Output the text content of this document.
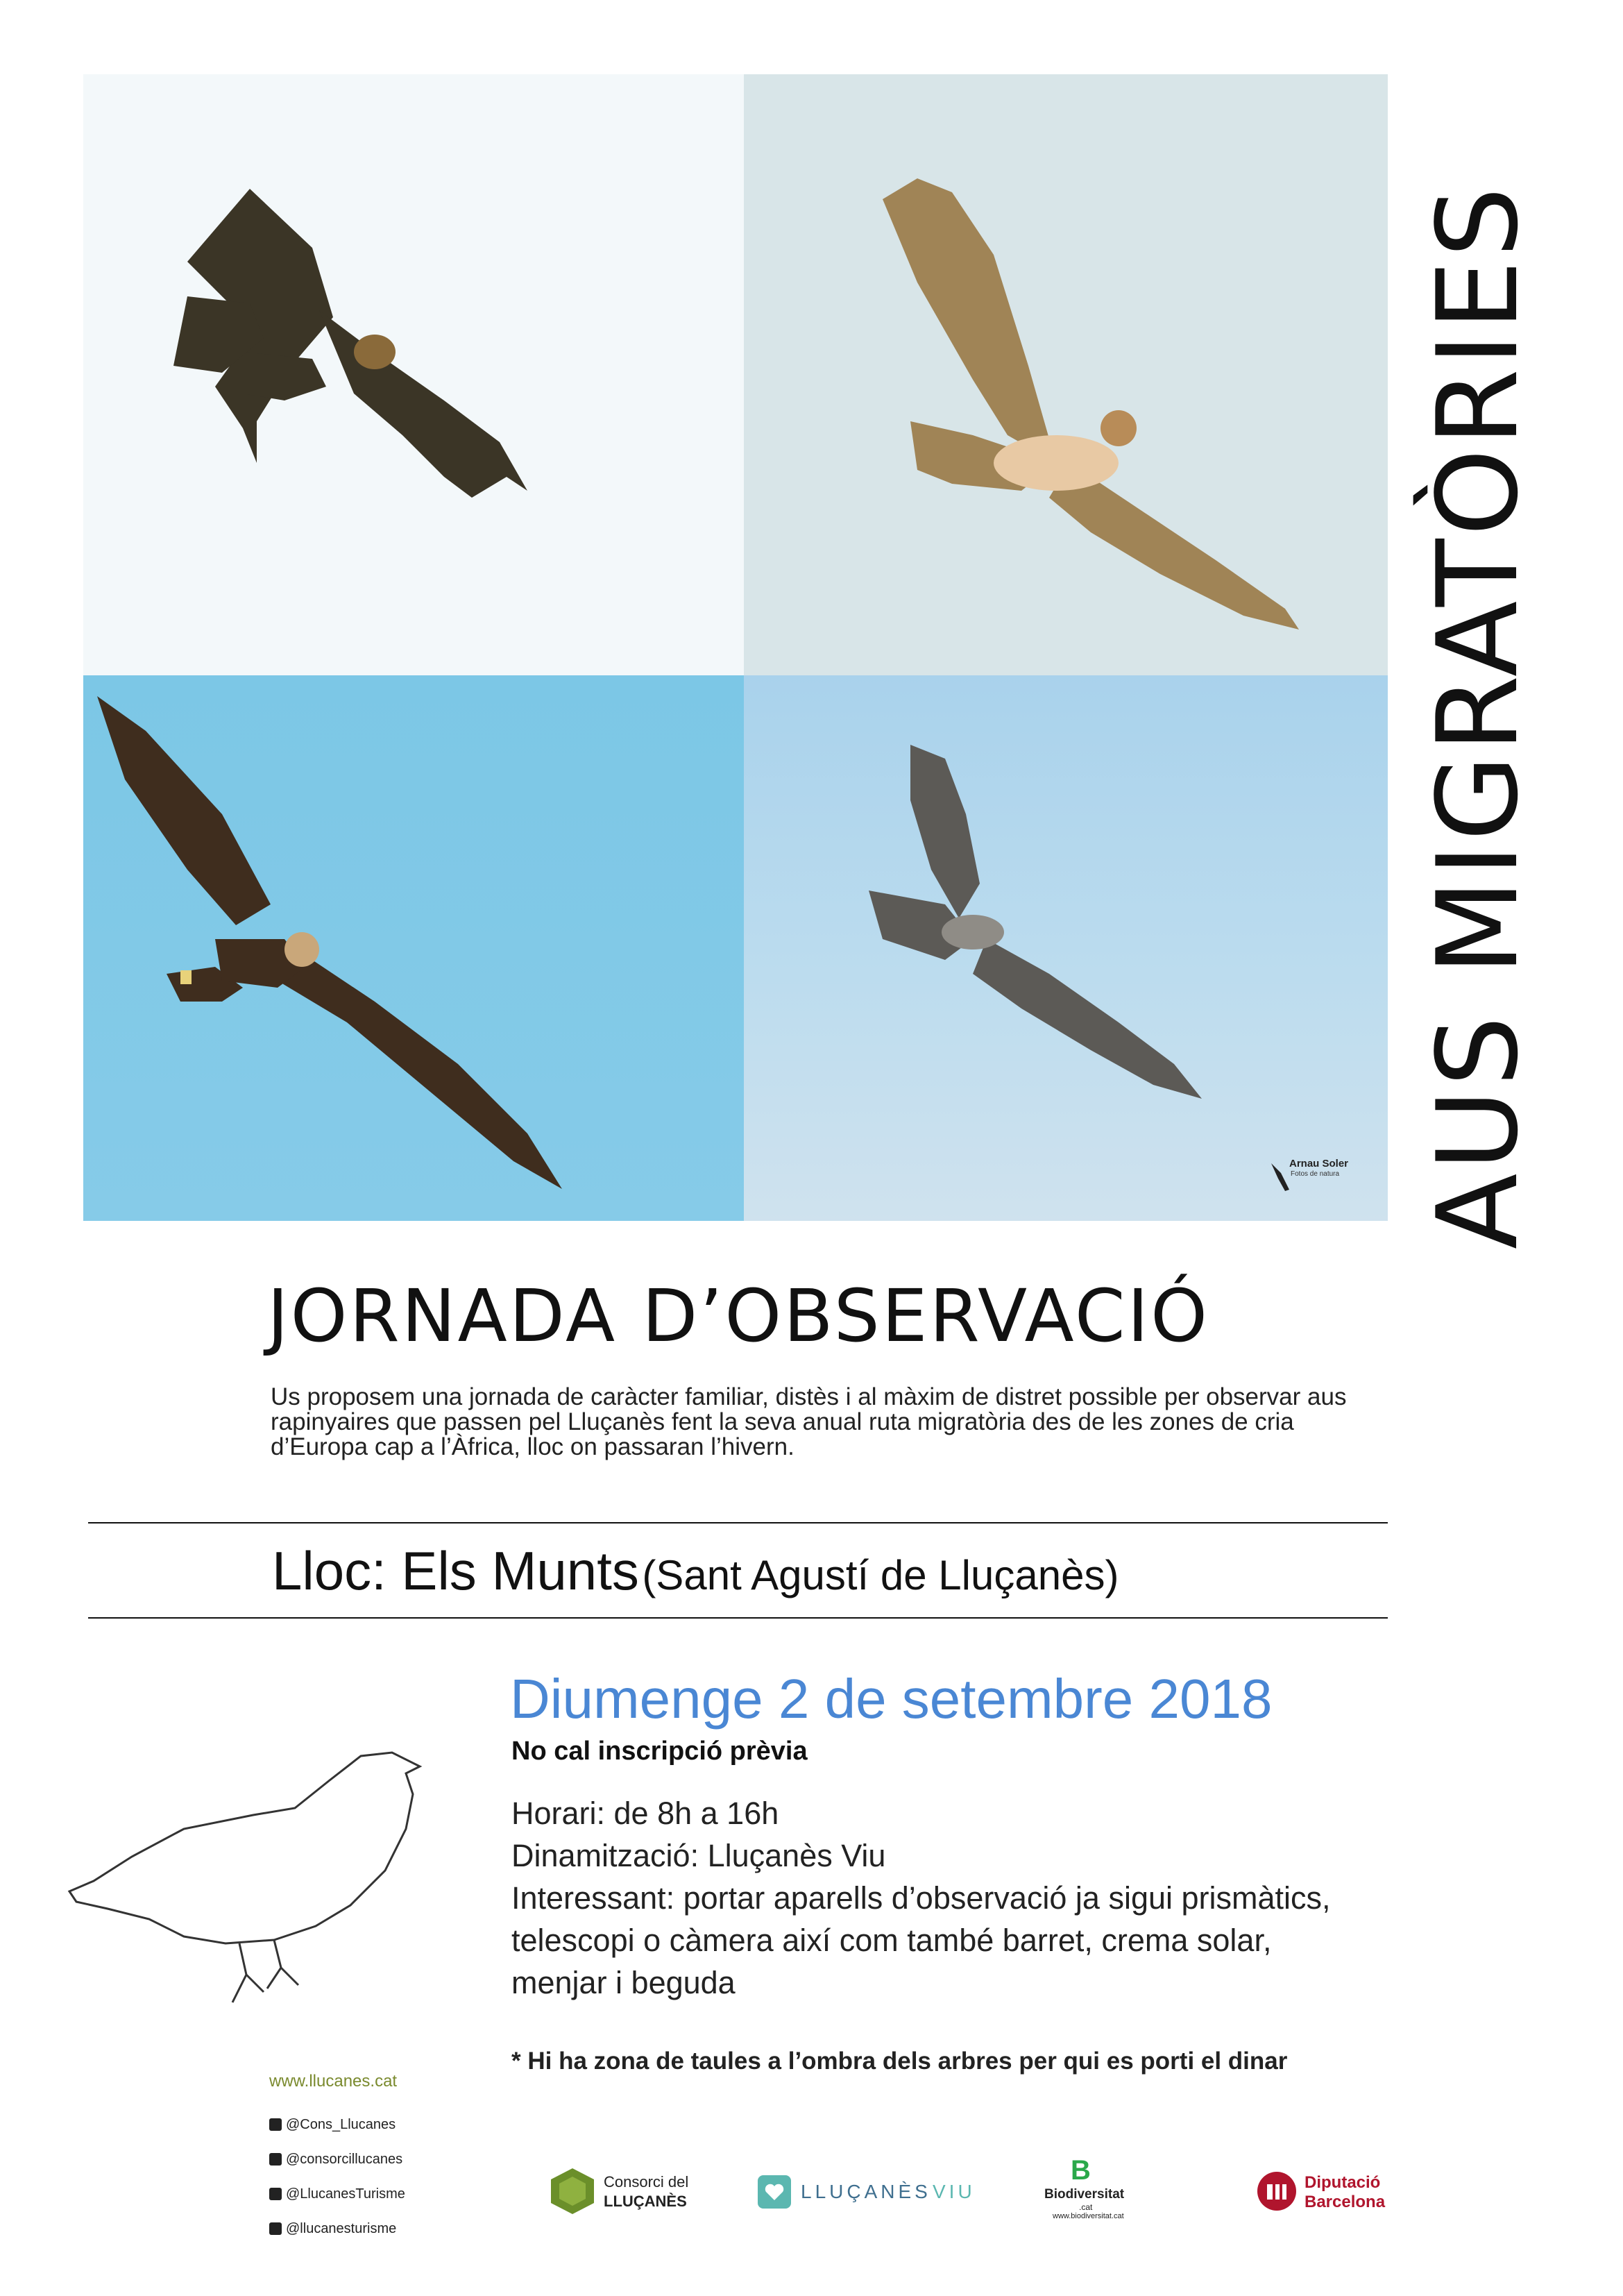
Arnau Soler
Fotos de natura AUS MIGRATÒRIES
JORNADA D’OBSERVACIÓ
Us proposem una jornada de caràcter familiar, distès i al màxim de distret possible per observar aus rapinyaires que passen pel Lluçanès fent la seva anual ruta migratòria des de les zones de cria d’Europa cap a l’Àfrica, lloc on passaran l’hivern.
Lloc: Els Munts (Sant Agustí de Lluçanès)
Diumenge 2 de setembre 2018
No cal inscripció prèvia
Horari: de 8h a 16h
Dinamització: Lluçanès Viu
Interessant: portar aparells d’observació ja sigui prismàtics,
telescopi o càmera així com també barret, crema solar,
menjar i beguda
* Hi ha zona de taules a l’ombra dels arbres per qui es porti el dinar
www.llucanes.cat
@Cons_Llucanes
@consorcillucanes
@LlucanesTurisme
@llucanesturisme
Consorci del
LLUÇANÈS	LLUÇANÈS VIU
B
Biodiversitat
.cat
www.biodiversitat.cat
Diputació
Barcelona
